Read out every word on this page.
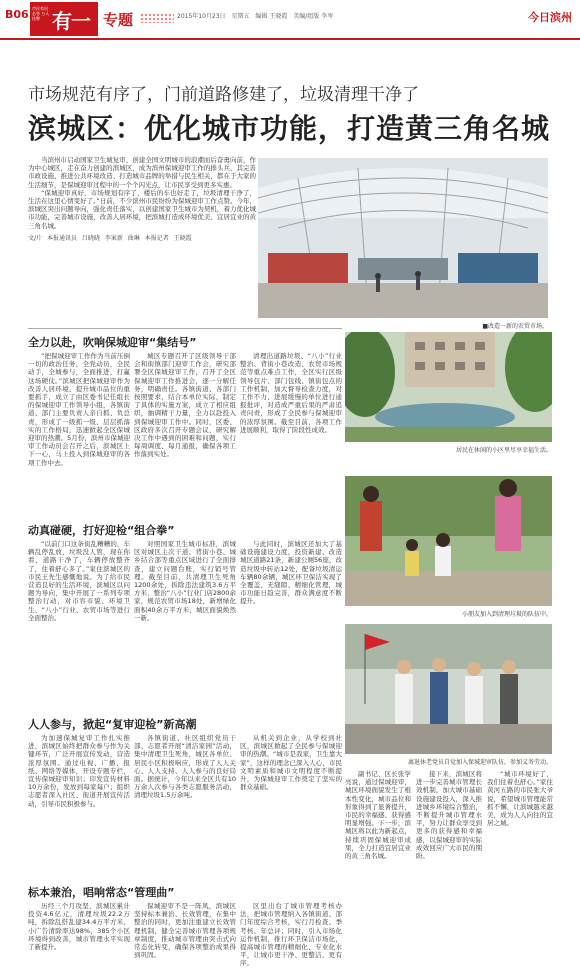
B06 市民有问必答 万人挂牌 有一说一
专题	2015年10月23日 星期五 编辑 王晓霞 美编/组版 李岑	今日滨州
市场规范有序了，门前道路修建了，垃圾清理干净了
滨城区：优化城市功能，打造黄三角名城
当滨州市启动国家卫生城复审、创建全国文明城市的浪潮而后奋勇向前，作为中心城区，走在奋力创建的滨城区，成为滨州保城迎审工作的排头兵，其完善市政设施、推进公共环境改造、打造城市品牌的举措与民生相关，都在于大家的生活细节，是保城迎审过程中的一个个闪光点，让市民享受到更多实惠。
“保城迎审真好，市场规划有序了，楼后的车也好走了，垃圾清理干净了，生活在这里心情变好了。”日前，不少滨州市民纷纷为保城迎审工作点赞。今年，滨城区突出问题导向，强化责任落实，以创建国家卫生城市为契机，着力优化城市功能，完善城市设施，改善人居环境，把滨城打造成环境优美、宜居宜业的黄三角名城。
文/片 本报通讯员 吕晓晓 李案新 曲琳 本报记者 王晓霞
■改造一新的农贸市场。
全力以赴，吹响保城迎审“集结号”
“把保城迎审工作作为当前压倒一切的政治任务，全党动员，全民动手，全城参与，全面推进，打赢这场硬仗。”滨城区把保城迎审作为改善人居环境、提升城市品位的重要抓手，成立了由区委书记任组长的保城迎审工作领导小组，各镇街道、部门主要负责人亲自抓、负总责，形成了一级抓一级、层层抓落实的工作格局，迅速掀起全区保城迎审的热潮。5月份，滨州市保城迎审工作动员会召开之后，滨城区上下一心，马上投入到保城迎审的各项工作中去。
城区专题召开了区级领导干部会和街镇部门迎审工作会，研究部署全区保城迎审工作，召开了全区保城迎审工作推进会，逐一分解任务，明确责任。各镇街道、各部门按照要求，结合本单位实际，制定了具体的实施方案，成立了相应组织，抽调精干力量，全力以赴投入到保城迎审工作中。同时，区委、区政府多次召开专题会议，研究解决工作中遇到的困难和问题，实行每周调度、每月通报，确保各项工作落到实处。
清理出道路垃圾、“八小”行业整治、背街小巷改造、农贸市场规范等重点难点工作，全区实行区级领导包片、部门包线、镇街包点的工作机制，加大督导检查力度，对工作不力、进展缓慢的单位进行通报批评，对造成严重后果的严肃追责问责，形成了全民参与保城迎审的浓厚氛围。截至目前，各项工作进展顺利，取得了阶段性成效。
居民在休闲的小区里尽享幸福生活。
动真碰硬，打好迎检“组合拳”
“以前门口这条街乱糟糟的，车辆乱停乱放，垃圾没人管，现在你看，道路干净了，车辆停放整齐了，住着舒心多了。”家住滨城区的市民王先生感慨地说。为了给市民营造良好的生活环境，滨城区以问题为导向，集中开展了一系列专项整治行动，对市容市貌、环境卫生、“八小”行业、农贸市场等进行全面整治。
对照国家卫生城市标准，滨城区对城区主次干道、背街小巷、城乡结合部等重点区域进行了全面排查，建立问题台账，实行销号管理。截至目前，共清理卫生死角1200余处，拆除违法建筑3.6万平方米，整治“八小”行业门店2800余家，规范农贸市场18处，新增绿化面积40余万平方米，城区面貌焕然一新。
与此同时，滨城区还加大了基础设施建设力度，投资新建、改造城区道路21条，新建公厕56座，改造垃圾中转站12处，配备垃圾清运车辆80余辆，城区环卫保洁实现了全覆盖、无缝隙、精细化管理，城市功能日趋完善，群众满意度不断提升。
小朋友加入到清理垃圾的队伍中。
离退休老党员自觉加入保城迎审队伍，参加义务劳动。
人人参与，掀起“复审迎检”新高潮
为加速保城复审工作扎实推进，滨城区始终把群众参与作为关键环节，广泛开展宣传发动，营造浓厚氛围。通过电视、广播、报纸、网络等媒体，开设专题专栏，宣传保城迎审知识；印发宣传材料10万余份，发放到每家每户；组织志愿者深入社区、街道开展宣传活动，引导市民积极参与。
各镇街道、社区组织党员干部、志愿者开展“清洁家园”活动，集中清理卫生死角，城区各单位、居民小区积极响应，形成了人人关心、人人支持、人人参与的良好局面。据统计，今年以来全区共有10万余人次参与各类志愿服务活动，清理垃圾1.5万余吨。
从机关到企业，从学校到社区，滨城区掀起了全民参与保城迎审的热潮。“城市是我家，卫生靠大家”，这样的理念已深入人心，市民文明素质和城市文明程度不断提升，为保城迎审工作奠定了坚实的群众基础。
标本兼治，唱响常态“管理曲”
历经三个月攻坚，滨城区累计投资4.6亿元，清理垃圾22.2万吨，拆除乱搭乱建34.4万平方米，小广告清除率达98%，385个小区环境得到改善，城市管理水平实现了新提升。
保城迎审不是一阵风，滨城区坚持标本兼治、长效管理，在集中整治的同时，更加注重建立长效管理机制，健全完善城市管理各项规章制度，推动城市管理由突击式向常态化转变，确保各项整治成果得到巩固。
区里出台了城市管理考核办法，把城市管理纳入各镇街道、部门年度综合考核，实行月检查、季考核、年总评；同时，引入市场化运作机制，推行环卫保洁市场化，提高城市管理的精细化、专业化水平，让城市更干净、更整洁、更有序。
副书记、区长张学亮说，通过保城迎审，城区环境面貌发生了根本性变化，城市品位和形象得到了显著提升，市民的幸福感、获得感明显增强。下一步，滨城区将以此为新起点，持续巩固保城迎审成果，全力打造宜居宜业的黄三角名城。
接下来，滨城区将进一步完善城市管理长效机制，加大城市基础设施建设投入，深入推进城乡环境综合整治，不断提升城市管理水平，努力让群众享受到更多的获得感和幸福感，以保城迎审的实际成效回应广大市民的期盼。
“城市环境好了，我们住着也舒心。”家住黄河五路的市民张大爷说，希望城市管理能常抓不懈，让滨城越来越美，成为人人向往的宜居之城。
